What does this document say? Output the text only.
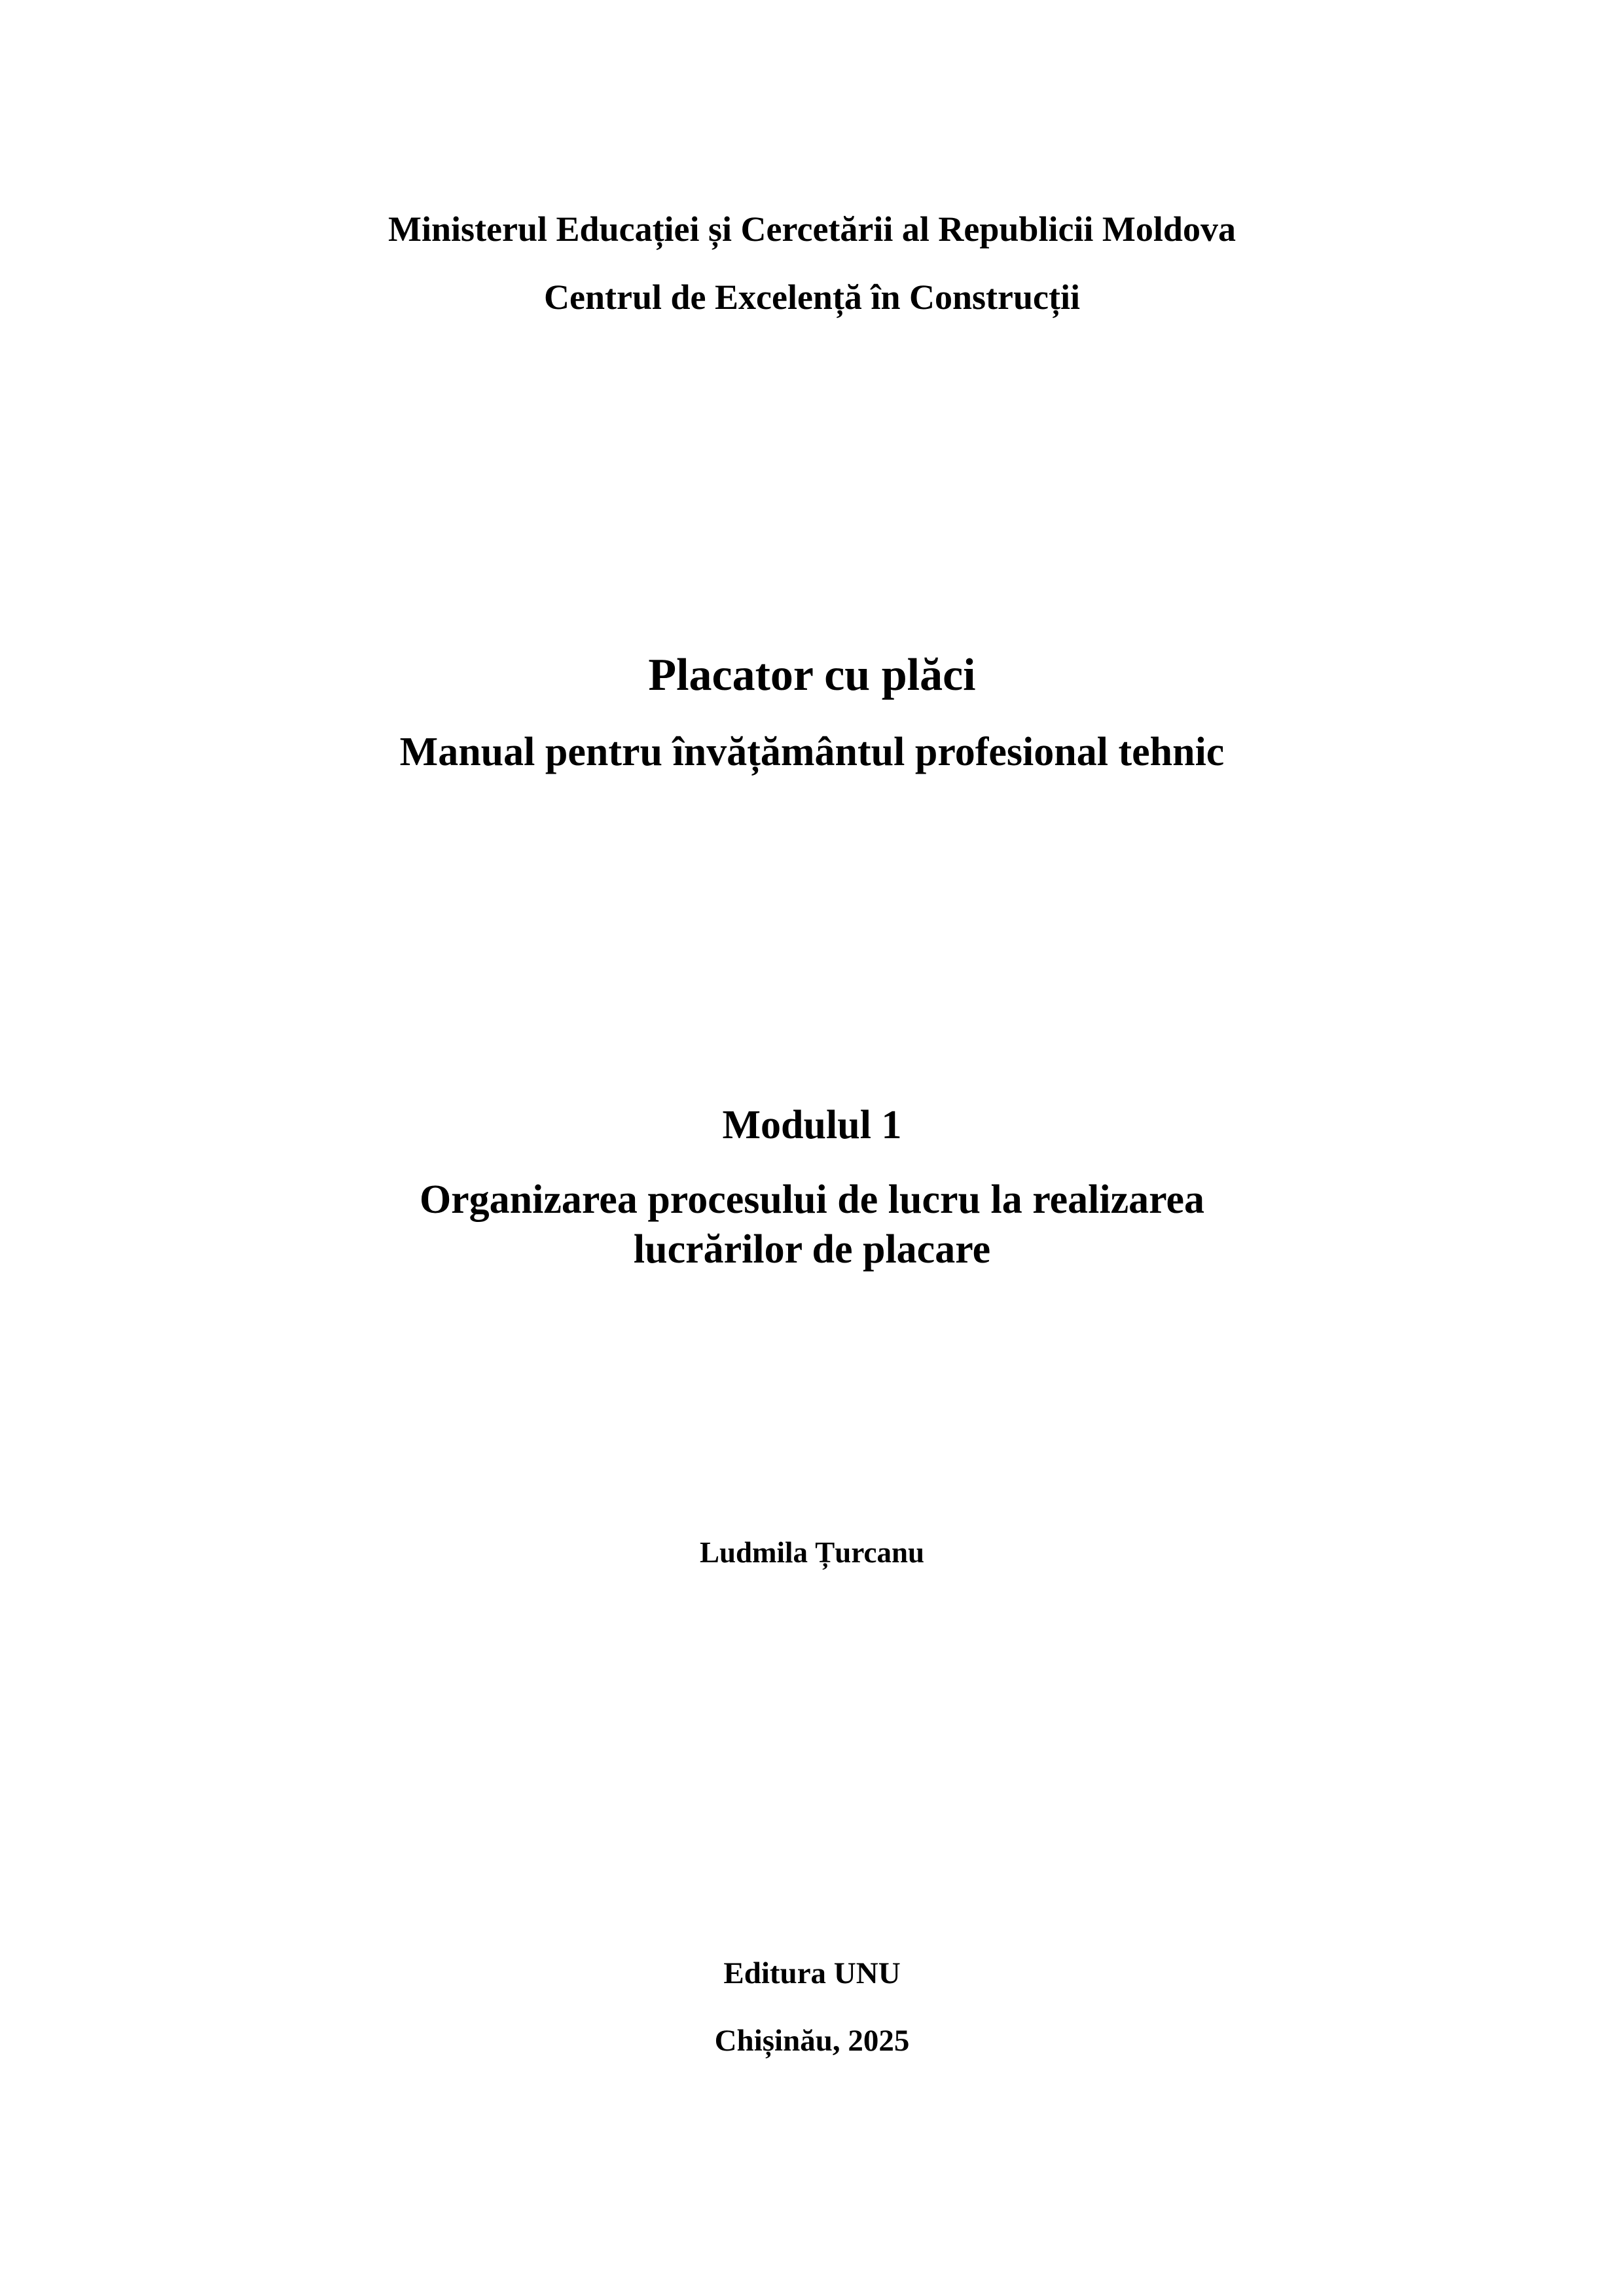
Ministerul Educației și Cercetării al Republicii Moldova
Centrul de Excelență în Construcții
Placator cu plăci
Manual pentru învățământul profesional tehnic
Modulul 1
Organizarea procesului de lucru la realizarea
lucrărilor de placare
Ludmila Țurcanu
Editura UNU
Chișinău, 2025
